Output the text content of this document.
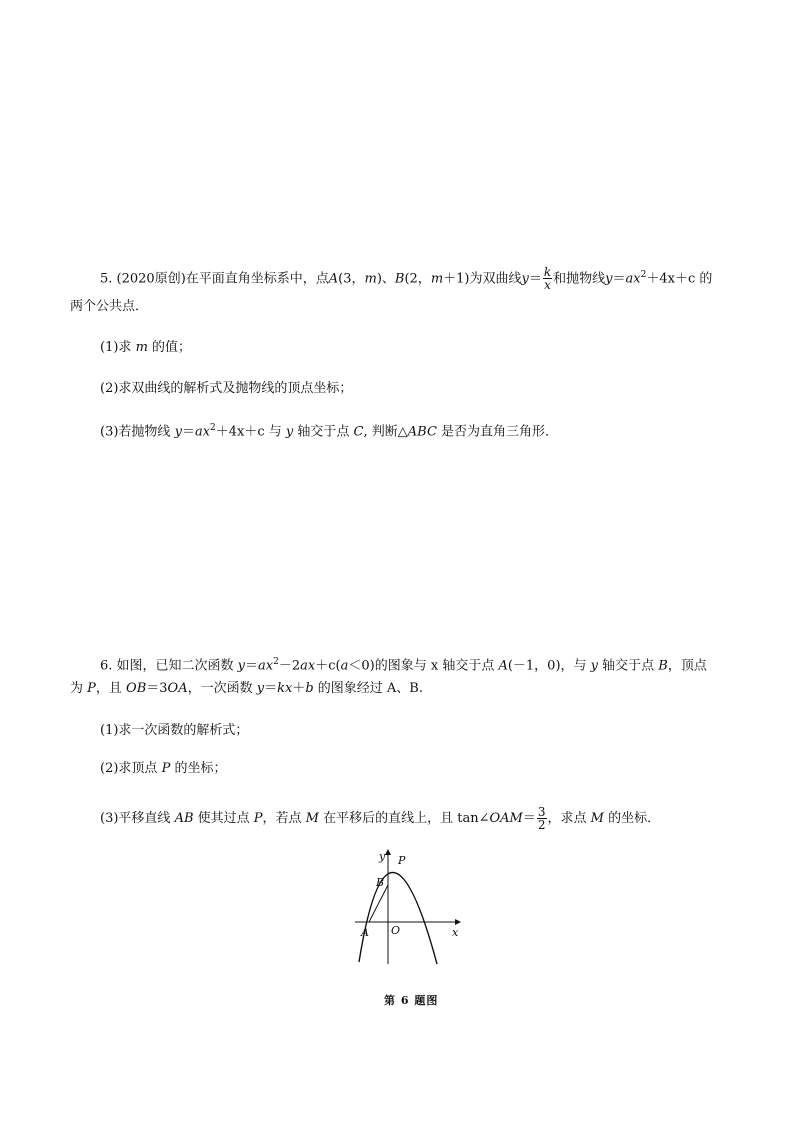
5. (2020原创)在平面直角坐标系中，点A(3，m)、B(2，m＋1)为双曲线$y= \frac{k}{x}$ 和抛物线$y=ax^2+4x+c$ 的
两个公共点．
(1)求 m 的值；
(2)求双曲线的解析式及抛物线的顶点坐标；
(3)若抛物线 $y=ax^2+4x+c$ 与 y 轴交于点 C, 判断△ABC 是否为直角三角形．
6. 如图，已知二次函数 $y=ax^2-2ax+c(a<0)$的图象与 x 轴交于点 A(－1，0)，与 y 轴交于点 B，顶点
为 P，且 OB＝3OA，一次函数 y＝kx＋b 的图象经过 A、B.
(1)求一次函数的解析式；
(2)求顶点 P 的坐标；
(3)平移直线 AB 使其过点 P，若点 M 在平移后的直线上，且 tan∠OAM＝ $\frac{3}{2}$ ，求点 M 的坐标．
y
x
P
B
A O
第 6 题图
